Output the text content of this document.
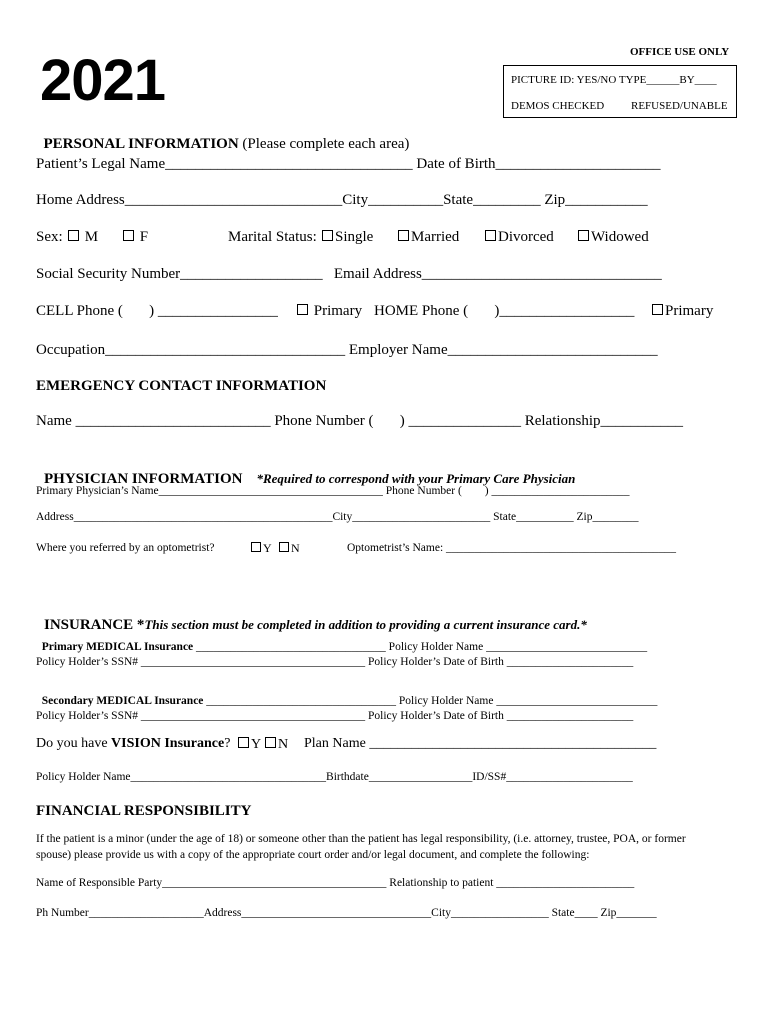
2021	OFFICE USE ONLY
PICTURE ID: YES/NO TYPE______BY____
DEMOS CHECKED REFUSED/UNABLE

PERSONAL INFORMATION (Please complete each area)

Patient’s Legal Name_________________________________ Date of Birth______________________
Home Address_____________________________City__________State_________ Zip___________
Sex:	M	F	Marital Status:	Single	Married	Divorced	Widowed
Social Security Number___________________   Email Address________________________________
CELL Phone (       ) ________________	Primary HOME Phone (       )__________________	Primary
Occupation________________________________ Employer Name____________________________
EMERGENCY CONTACT INFORMATION
Name __________________________ Phone Number (       ) _______________ Relationship___________

PHYSICIAN INFORMATION *Required to correspond with your Primary Care Physician

Primary Physician’s Name_______________________________________ Phone Number (        ) ________________________
Address_____________________________________________City________________________ State__________ Zip________
Where you referred by an optometrist?	Y	N	Optometrist’s Name: ________________________________________

INSURANCE *This section must be completed in addition to providing a current insurance card.*

Primary MEDICAL Insurance _________________________________ Policy Holder Name ____________________________

Policy Holder’s SSN# _______________________________________ Policy Holder’s Date of Birth ______________________

Secondary MEDICAL Insurance _________________________________ Policy Holder Name ____________________________

Policy Holder’s SSN# _______________________________________ Policy Holder’s Date of Birth ______________________
Do you have VISION Insurance?	Y	N Plan Name _________________________________________
Policy Holder Name__________________________________Birthdate__________________ID/SS#______________________
FINANCIAL RESPONSIBILITY
If the patient is a minor (under the age of 18) or someone other than the patient has legal responsibility, (i.e. attorney, trustee, POA, or former
spouse) please provide us with a copy of the appropriate court order and/or legal document, and complete the following:
Name of Responsible Party_______________________________________ Relationship to patient ________________________
Ph Number____________________Address_________________________________City_________________ State____ Zip_______
